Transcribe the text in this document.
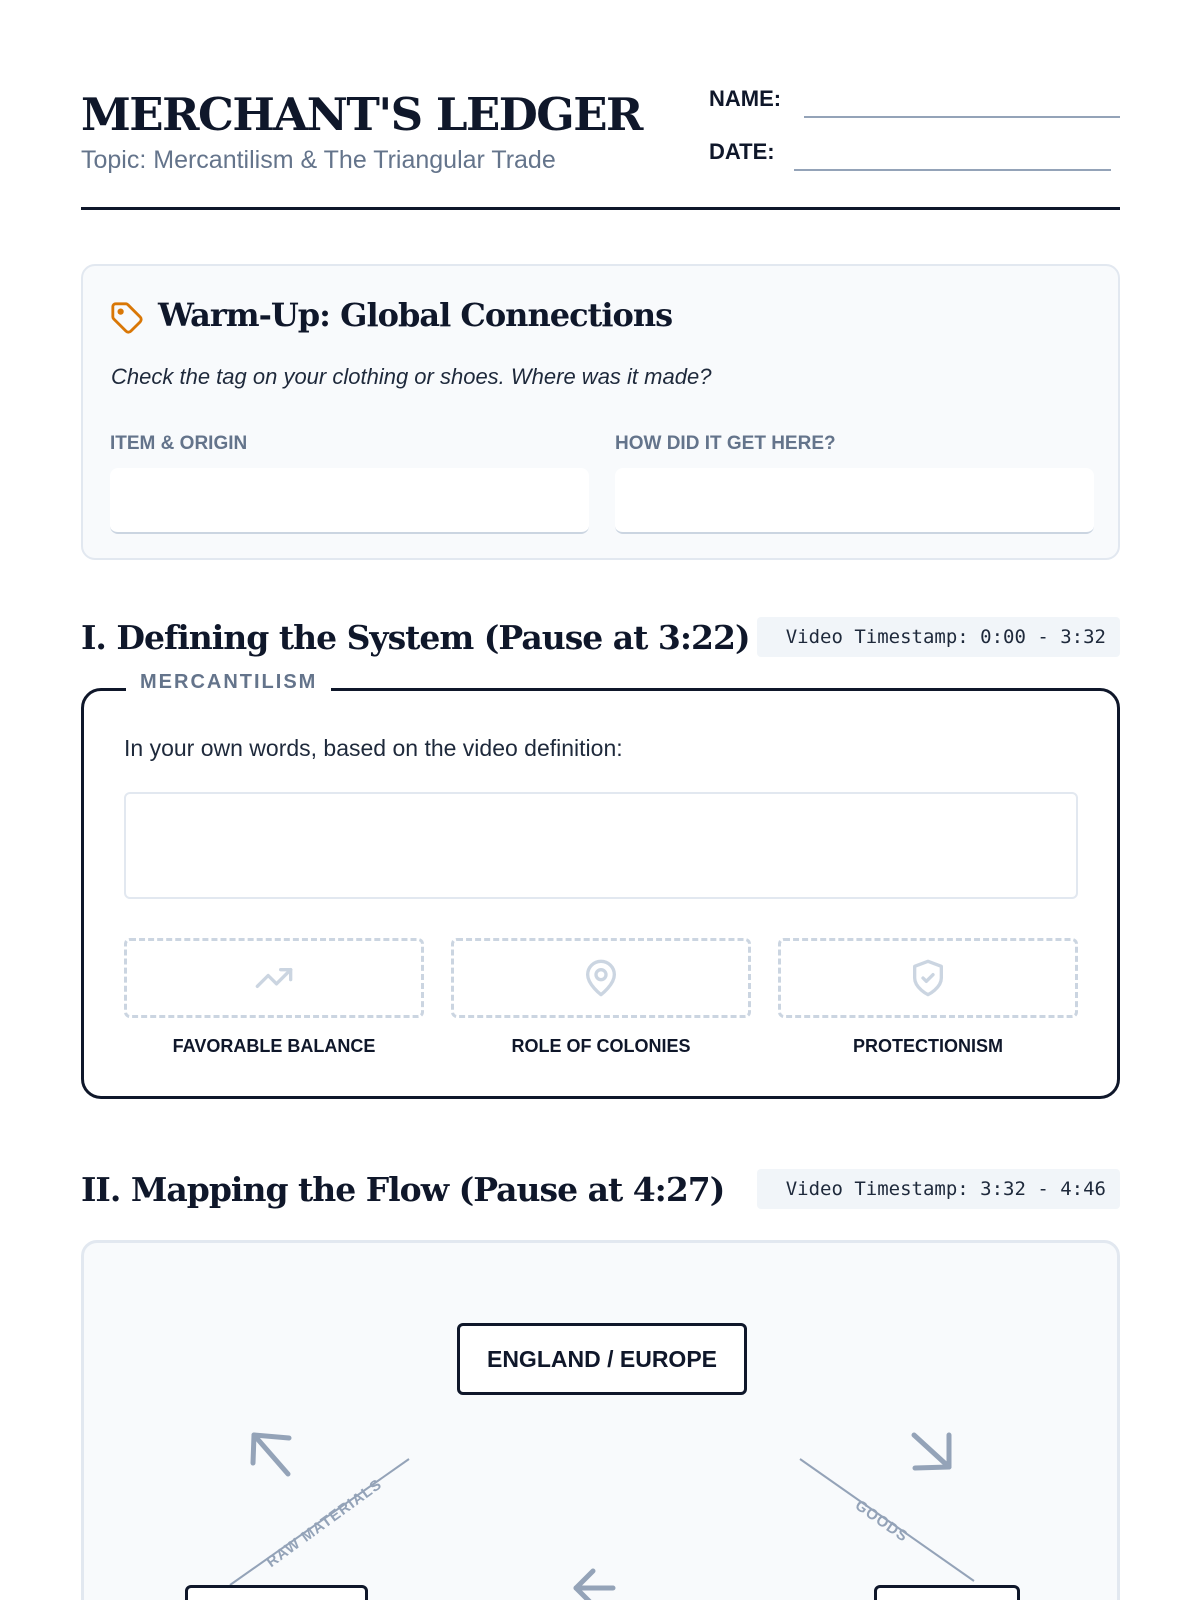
MERCHANT'S LEDGER
Topic: Mercantilism & The Triangular Trade
NAME:
DATE:
Warm-Up: Global Connections
Check the tag on your clothing or shoes. Where was it made?
ITEM & ORIGIN	HOW DID IT GET HERE?
I. Defining the System (Pause at 3:22)	Video Timestamp: 0:00 - 3:32
MERCANTILISM
In your own words, based on the video definition:
FAVORABLE BALANCE	ROLE OF COLONIES	PROTECTIONISM
II. Mapping the Flow (Pause at 4:27)	Video Timestamp: 3:32 - 4:46
ENGLAND / EUROPE
RAW MATERIALS	GOODS
